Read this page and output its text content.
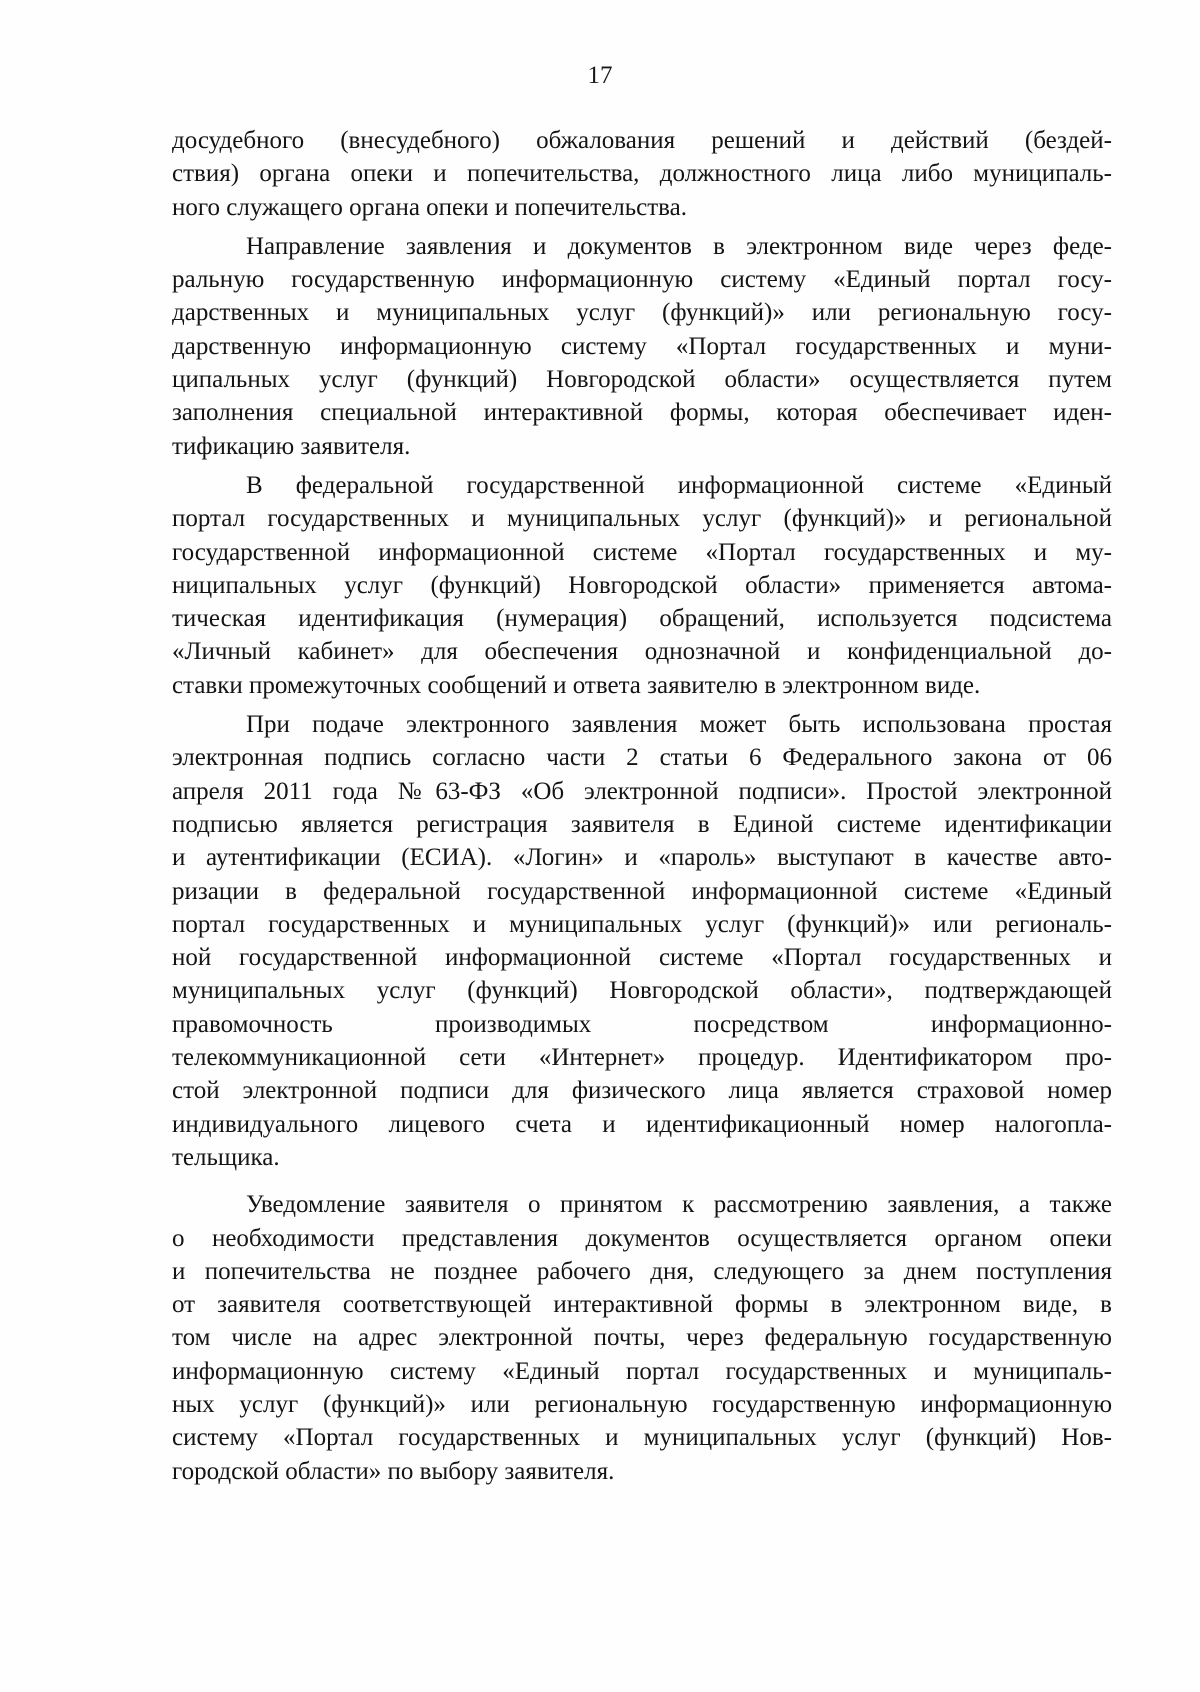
17
досудебного (внесудебного) обжалования решений и действий (бездей-
ствия) органа опеки и попечительства, должностного лица либо муниципаль-
ного служащего органа опеки и попечительства.
Направление заявления и документов в электронном виде через феде-
ральную государственную информационную систему «Единый портал госу-
дарственных и муниципальных услуг (функций)» или региональную госу-
дарственную информационную систему «Портал государственных и муни-
ципальных услуг (функций) Новгородской области» осуществляется путем
заполнения специальной интерактивной формы, которая обеспечивает иден-
тификацию заявителя.
В федеральной государственной информационной системе «Единый
портал государственных и муниципальных услуг (функций)» и региональной
государственной информационной системе «Портал государственных и му-
ниципальных услуг (функций) Новгородской области» применяется автома-
тическая идентификация (нумерация) обращений, используется подсистема
«Личный кабинет» для обеспечения однозначной и конфиденциальной до-
ставки промежуточных сообщений и ответа заявителю в электронном виде.
При подаче электронного заявления может быть использована простая
электронная подпись согласно части 2 статьи 6 Федерального закона от 06
апреля 2011 года №63-ФЗ «Об электронной подписи». Простой электронной
подписью является регистрация заявителя в Единой системе идентификации
и аутентификации (ЕСИА). «Логин» и «пароль» выступают в качестве авто-
ризации в федеральной государственной информационной системе «Единый
портал государственных и муниципальных услуг (функций)» или региональ-
ной государственной информационной системе «Портал государственных и
муниципальных услуг (функций) Новгородской области», подтверждающей
правомочность производимых посредством информационно-
телекоммуникационной сети «Интернет» процедур. Идентификатором про-
стой электронной подписи для физического лица является страховой номер
индивидуального лицевого счета и идентификационный номер налогопла-
тельщика.
Уведомление заявителя о принятом к рассмотрению заявления, а также
о необходимости представления документов осуществляется органом опеки
и попечительства не позднее рабочего дня, следующего за днем поступления
от заявителя соответствующей интерактивной формы в электронном виде, в
том числе на адрес электронной почты, через федеральную государственную
информационную систему «Единый портал государственных и муниципаль-
ных услуг (функций)» или региональную государственную информационную
систему «Портал государственных и муниципальных услуг (функций) Нов-
городской области» по выбору заявителя.
